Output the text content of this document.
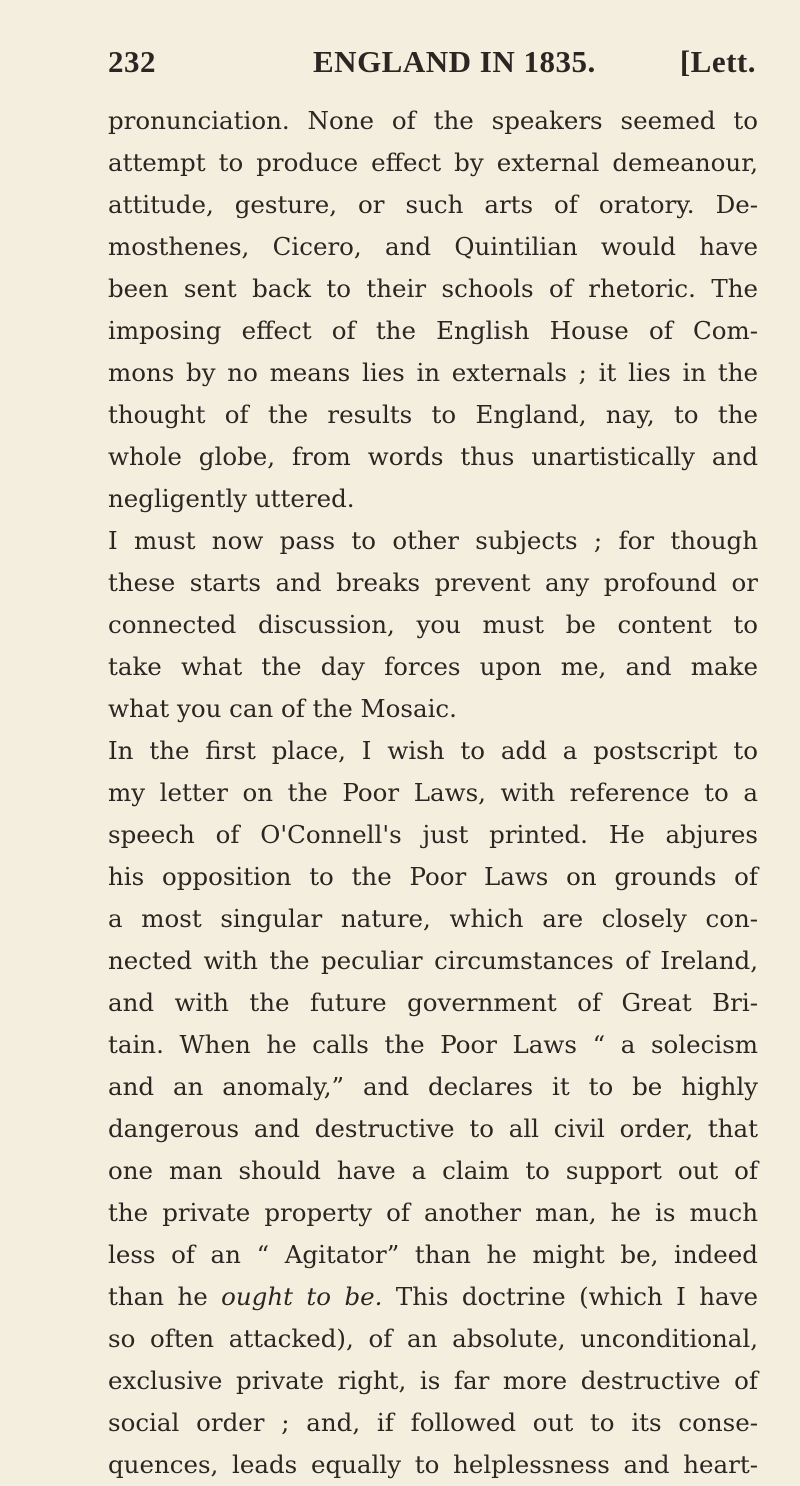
232	ENGLAND IN 1835.	[Lett.
pronunciation. None of the speakers seemed to
attempt to produce effect by external demeanour,
attitude, gesture, or such arts of oratory. De-
mosthenes, Cicero, and Quintilian would have
been sent back to their schools of rhetoric. The
imposing effect of the English House of Com-
mons by no means lies in externals ; it lies in the
thought of the results to England, nay, to the
whole globe, from words thus unartistically and
negligently uttered.
I must now pass to other subjects ; for though
these starts and breaks prevent any profound or
connected discussion, you must be content to
take what the day forces upon me, and make
what you can of the Mosaic.
In the first place, I wish to add a postscript to
my letter on the Poor Laws, with reference to a
speech of O'Connell's just printed. He abjures
his opposition to the Poor Laws on grounds of
a most singular nature, which are closely con-
nected with the peculiar circumstances of Ireland,
and with the future government of Great Bri-
tain. When he calls the Poor Laws “ a solecism
and an anomaly,” and declares it to be highly
dangerous and destructive to all civil order, that
one man should have a claim to support out of
the private property of another man, he is much
less of an “ Agitator” than he might be, indeed
than he ought to be. This doctrine (which I have
so often attacked), of an absolute, unconditional,
exclusive private right, is far more destructive of
social order ; and, if followed out to its conse-
quences, leads equally to helplessness and heart-
